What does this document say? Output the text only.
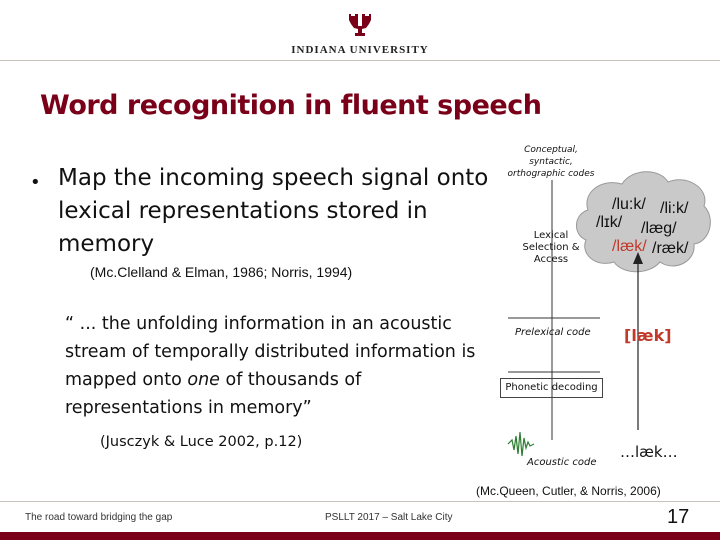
INDIANA UNIVERSITY
Word recognition in fluent speech
• Map the incoming speech signal onto lexical representations stored in memory
(Mc.Clelland & Elman, 1986; Norris, 1994)
“ ... the unfolding information in an acoustic stream of temporally distributed information is mapped onto one of thousands of representations in memory”
(Jusczyk & Luce 2002, p.12)
Conceptual, syntactic, orthographic codes
Lexical Selection & Access
Prelexical code
Phonetic decoding
Acoustic code
/lu:k/ /li:k/
/lɪk/ /læg/
/læk/ /ræk/
[læk]
…læk…
(Mc.Queen, Cutler, & Norris, 2006)
The road toward bridging the gap	PSLLT 2017 – Salt Lake City	17
